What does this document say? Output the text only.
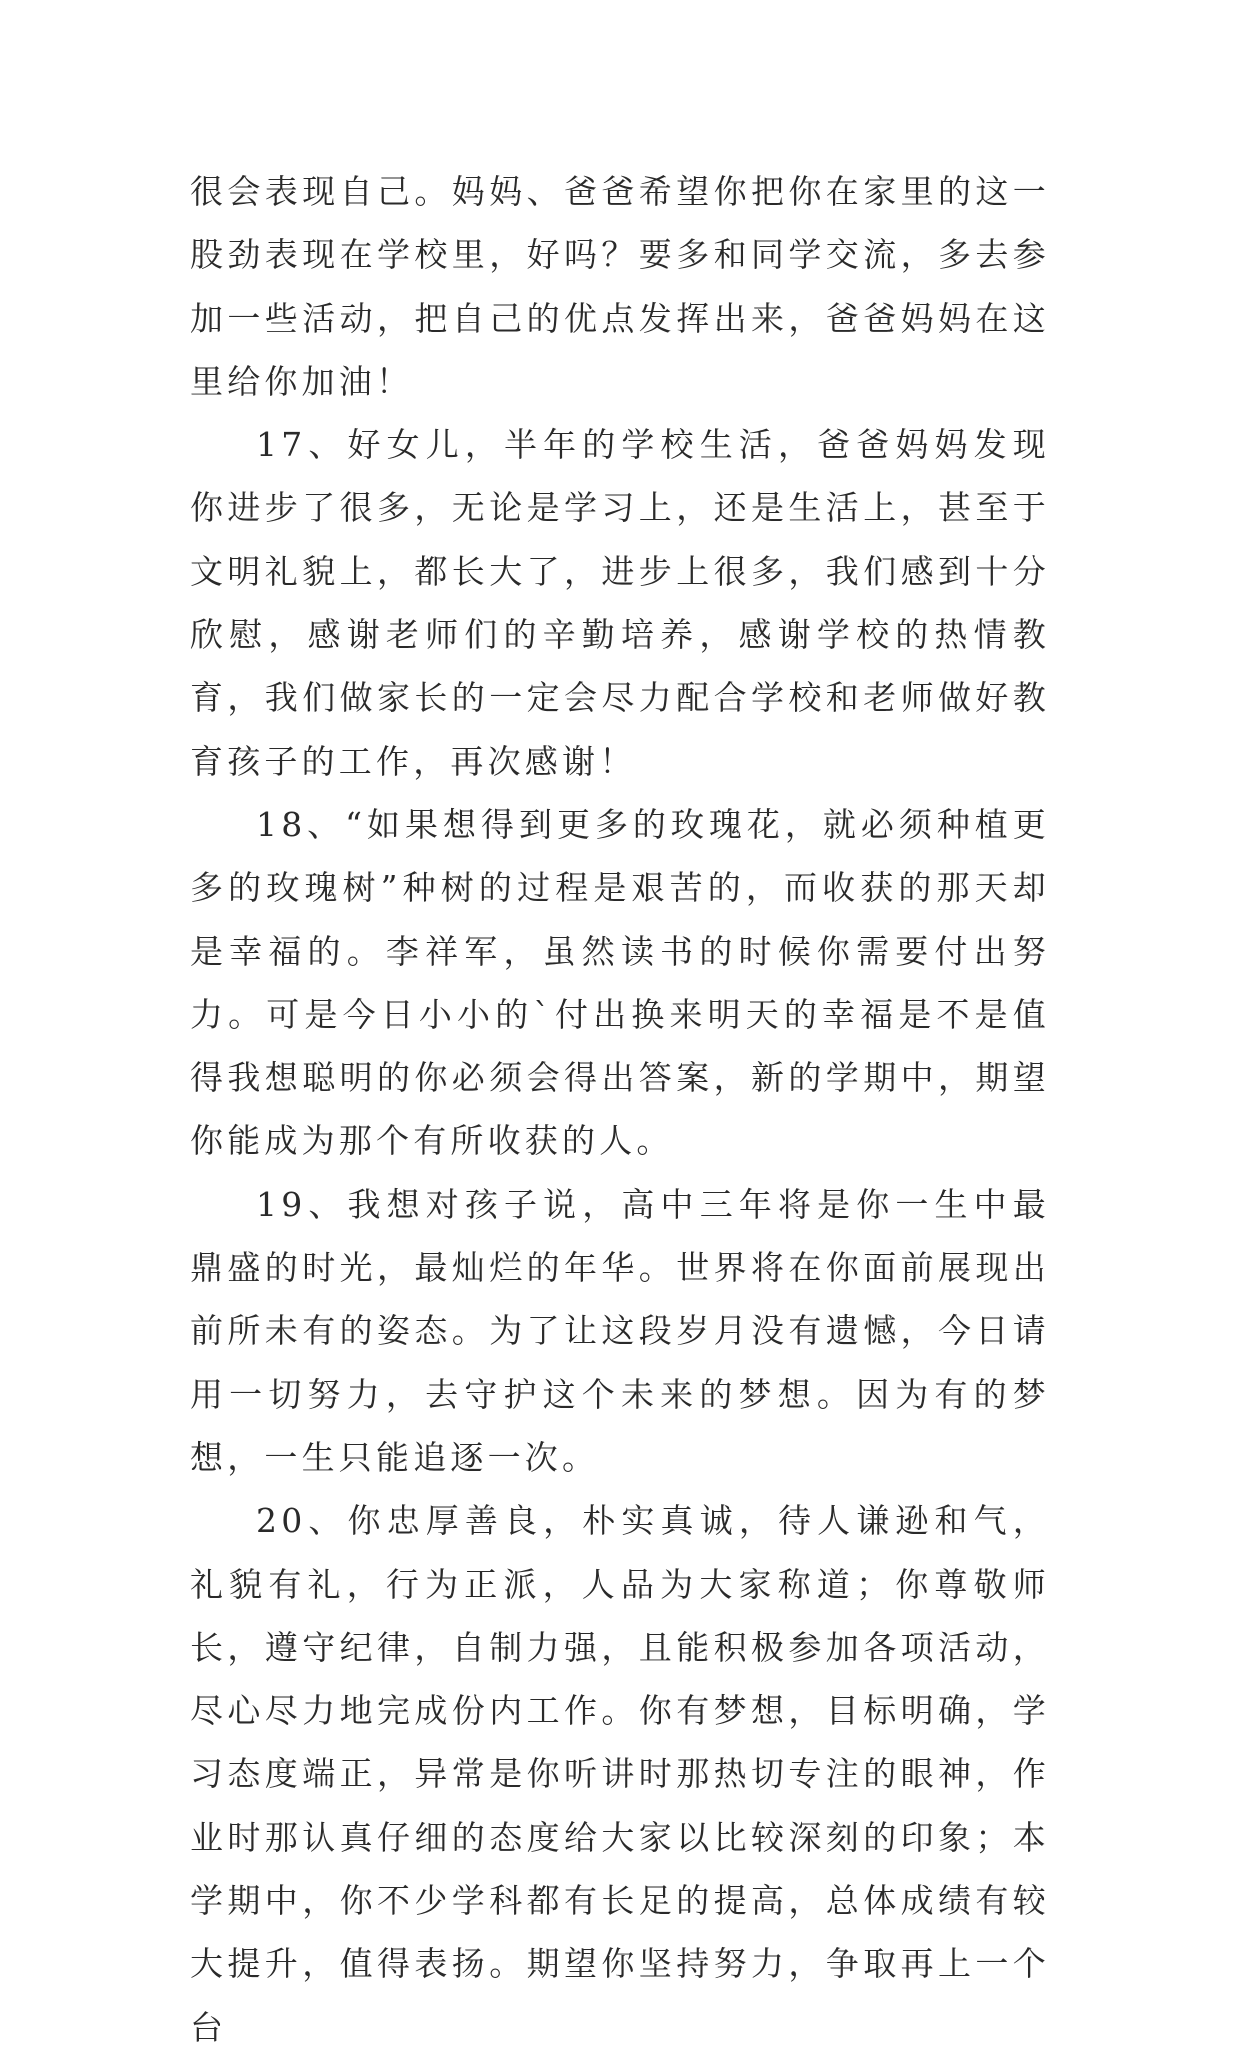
很会表现自己。妈妈、爸爸希望你把你在家里的这一股劲表现在学校里，好吗？要多和同学交流，多去参加一些活动，把自己的优点发挥出来，爸爸妈妈在这里给你加油！

17、好女儿，半年的学校生活，爸爸妈妈发现你进步了很多，无论是学习上，还是生活上，甚至于文明礼貌上，都长大了，进步上很多，我们感到十分欣慰，感谢老师们的辛勤培养，感谢学校的热情教育，我们做家长的一定会尽力配合学校和老师做好教育孩子的工作，再次感谢！

18、“如果想得到更多的玫瑰花，就必须种植更多的玫瑰树”种树的过程是艰苦的，而收获的那天却是幸福的。李祥军，虽然读书的时候你需要付出努力。可是今日小小的`付出换来明天的幸福是不是值得我想聪明的你必须会得出答案，新的学期中，期望你能成为那个有所收获的人。

19、我想对孩子说，高中三年将是你一生中最鼎盛的时光，最灿烂的年华。世界将在你面前展现出前所未有的姿态。为了让这段岁月没有遗憾，今日请用一切努力，去守护这个未来的梦想。因为有的梦想，一生只能追逐一次。

20、你忠厚善良，朴实真诚，待人谦逊和气，礼貌有礼，行为正派，人品为大家称道；你尊敬师长，遵守纪律，自制力强，且能积极参加各项活动，尽心尽力地完成份内工作。你有梦想，目标明确，学习态度端正，异常是你听讲时那热切专注的眼神，作业时那认真仔细的态度给大家以比较深刻的印象；本学期中，你不少学科都有长足的提高，总体成绩有较大提升，值得表扬。期望你坚持努力，争取再上一个台
